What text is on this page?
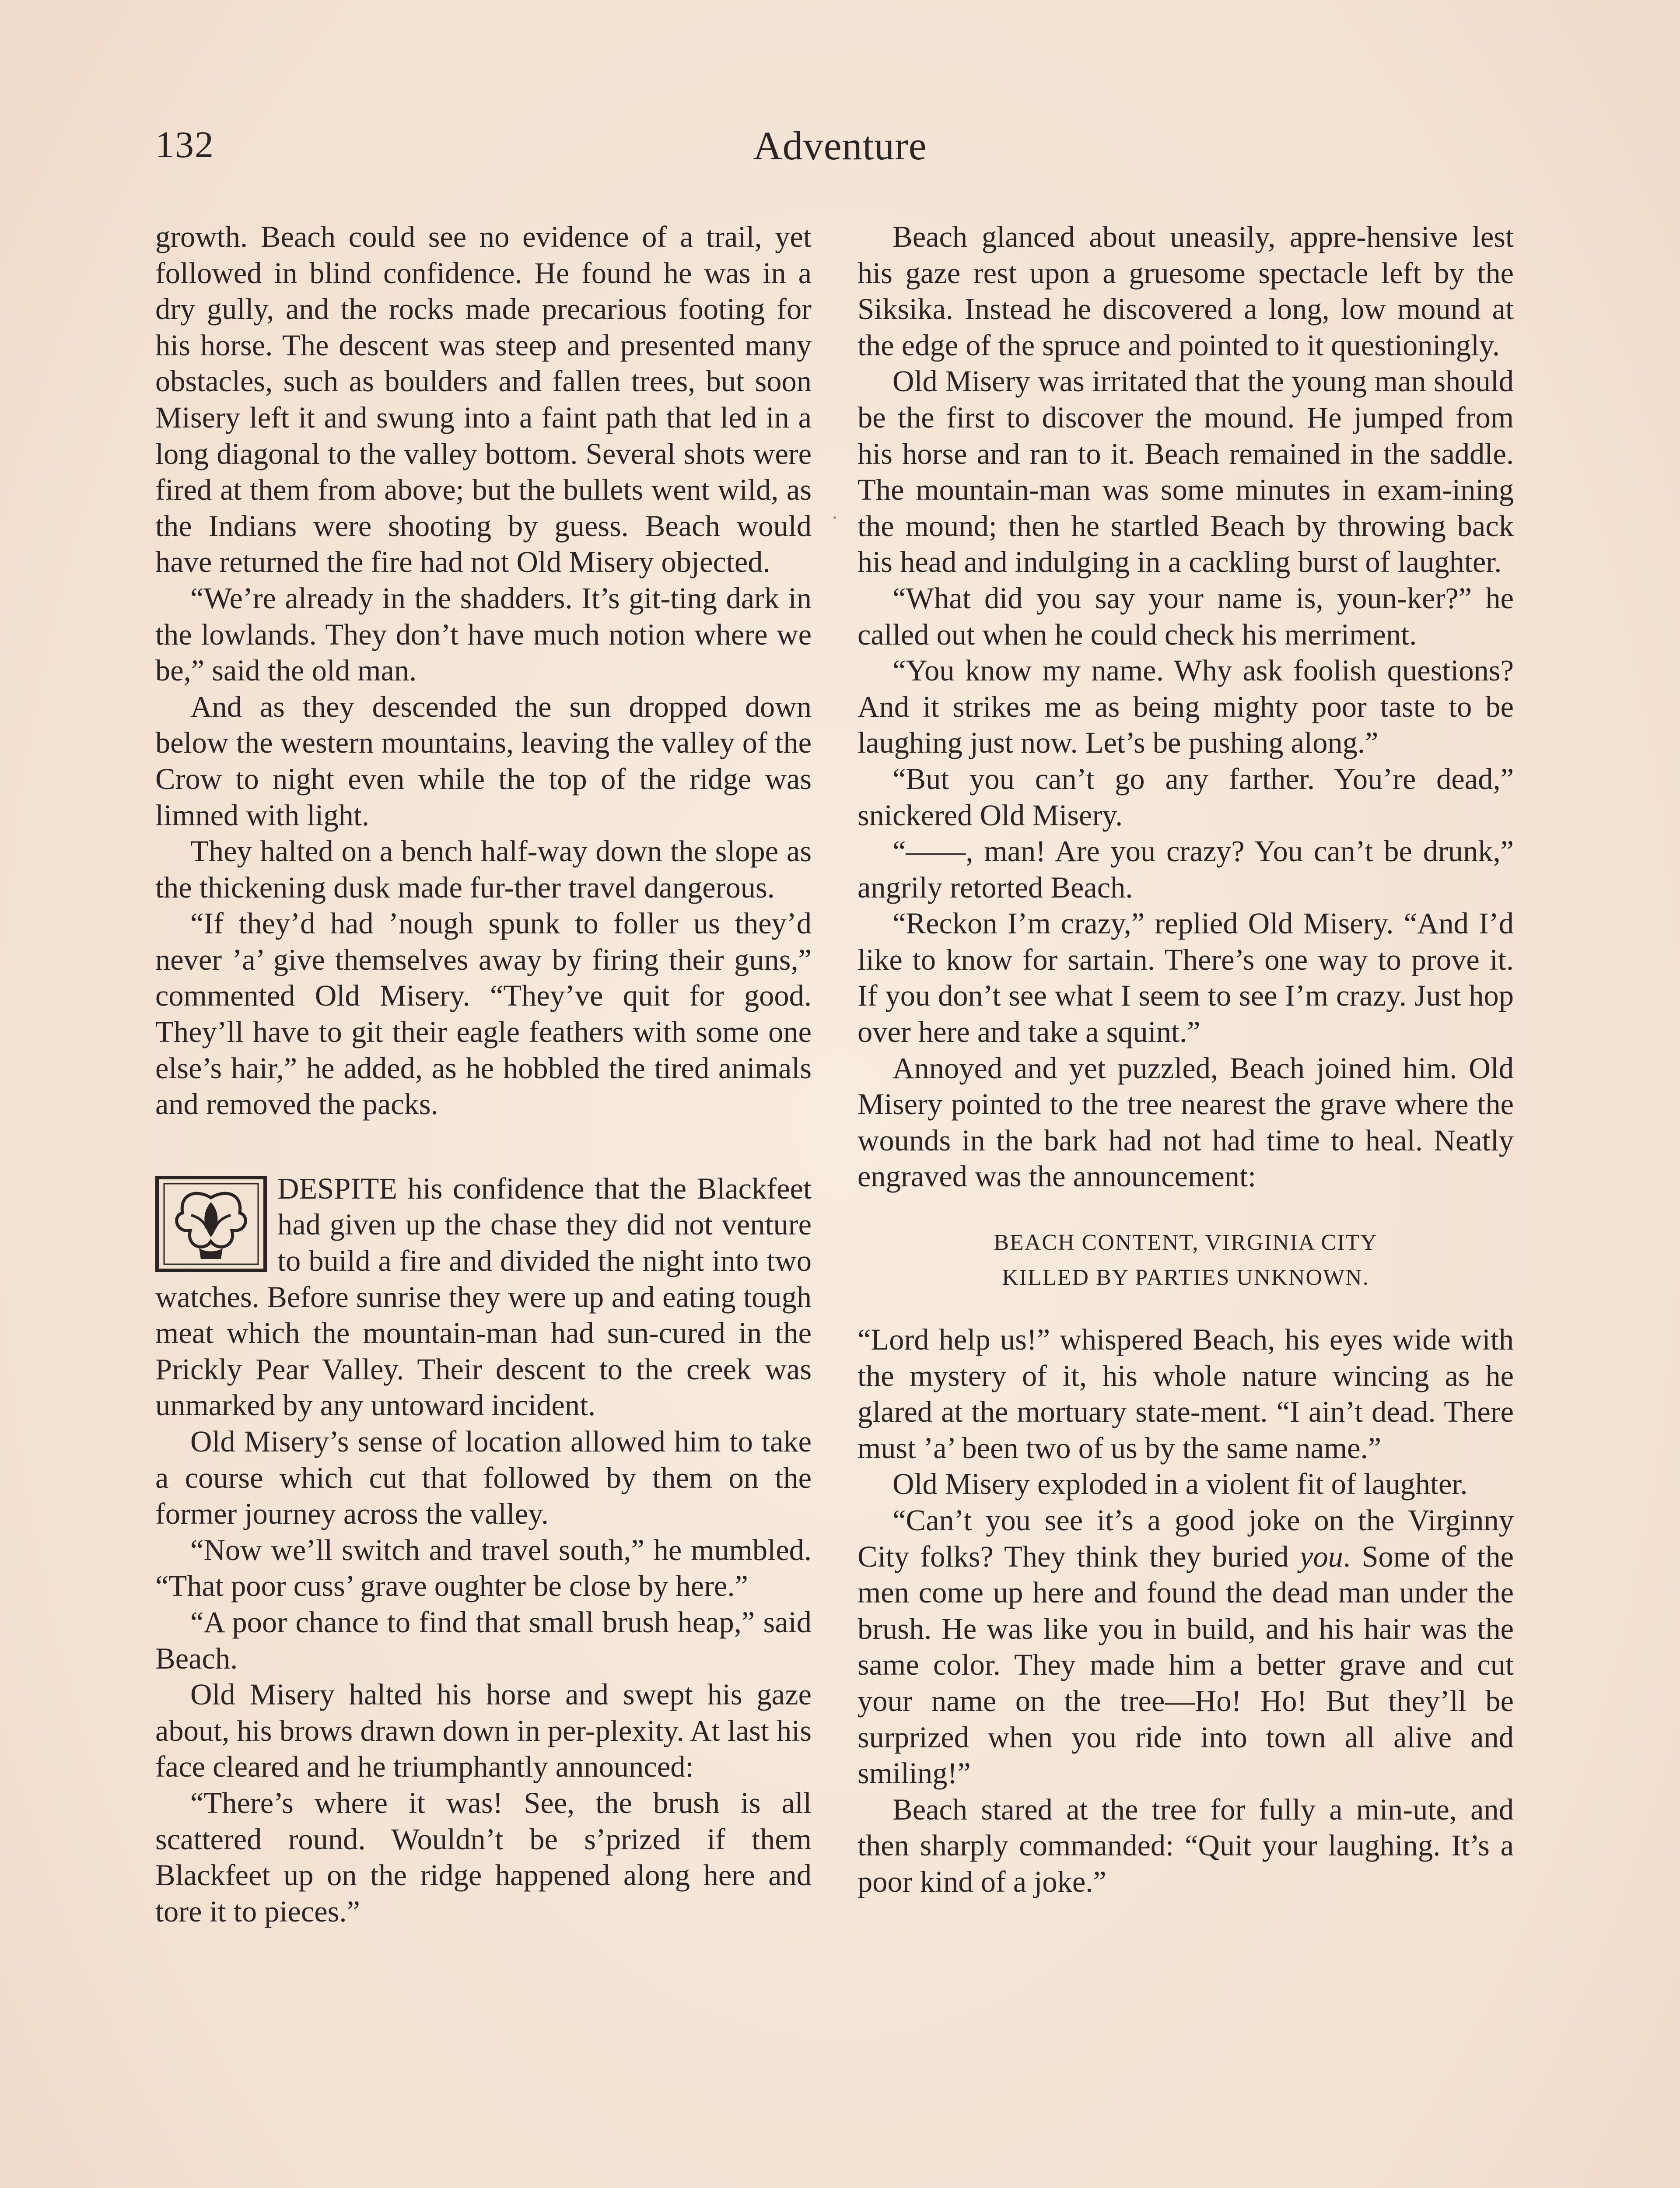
132	Adventure

growth. Beach could see no evidence of a trail, yet followed in blind confidence. He found he was in a dry gully, and the rocks made precarious footing for his horse. The descent was steep and presented many obstacles, such as boulders and fallen trees, but soon Misery left it and swung into a faint path that led in a long diagonal to the valley bottom. Several shots were fired at them from above; but the bullets went wild, as the Indians were shooting by guess. Beach would have returned the fire had not Old Misery objected.

“We’re already in the shadders. It’s git-ting dark in the lowlands. They don’t have much notion where we be,” said the old man.

And as they descended the sun dropped down below the western mountains, leaving the valley of the Crow to night even while the top of the ridge was limned with light.

They halted on a bench half-way down the slope as the thickening dusk made fur-ther travel dangerous.

“If they’d had ’nough spunk to foller us they’d never ’a’ give themselves away by firing their guns,” commented Old Misery. “They’ve quit for good. They’ll have to git their eagle feathers with some one else’s hair,” he added, as he hobbled the tired animals and removed the packs.

DESPITE his confidence that the Blackfeet had given up the chase they did not venture to build a fire and divided the night into two watches. Before sunrise they were up and eating tough meat which the mountain-man had sun-cured in the Prickly Pear Valley. Their descent to the creek was unmarked by any untoward incident.

Old Misery’s sense of location allowed him to take a course which cut that followed by them on the former journey across the valley.

“Now we’ll switch and travel south,” he mumbled. “That poor cuss’ grave oughter be close by here.”

“A poor chance to find that small brush heap,” said Beach.

Old Misery halted his horse and swept his gaze about, his brows drawn down in per-plexity. At last his face cleared and he triumphantly announced:

“There’s where it was! See, the brush is all scattered round. Wouldn’t be s’prized if them Blackfeet up on the ridge happened along here and tore it to pieces.”

Beach glanced about uneasily, appre-hensive lest his gaze rest upon a gruesome spectacle left by the Siksika. Instead he discovered a long, low mound at the edge of the spruce and pointed to it questioningly.

Old Misery was irritated that the young man should be the first to discover the mound. He jumped from his horse and ran to it. Beach remained in the saddle. The mountain-man was some minutes in exam-ining the mound; then he startled Beach by throwing back his head and indulging in a cackling burst of laughter.

“What did you say your name is, youn-ker?” he called out when he could check his merriment.

“You know my name. Why ask foolish questions? And it strikes me as being mighty poor taste to be laughing just now. Let’s be pushing along.”

“But you can’t go any farther. You’re dead,” snickered Old Misery.

“——, man! Are you crazy? You can’t be drunk,” angrily retorted Beach.

“Reckon I’m crazy,” replied Old Misery. “And I’d like to know for sartain. There’s one way to prove it. If you don’t see what I seem to see I’m crazy. Just hop over here and take a squint.”

Annoyed and yet puzzled, Beach joined him. Old Misery pointed to the tree nearest the grave where the wounds in the bark had not had time to heal. Neatly engraved was the announcement:

BEACH CONTENT, VIRGINIA CITY
KILLED BY PARTIES UNKNOWN.

“Lord help us!” whispered Beach, his eyes wide with the mystery of it, his whole nature wincing as he glared at the mortuary state-ment. “I ain’t dead. There must ’a’ been two of us by the same name.”

Old Misery exploded in a violent fit of laughter.

“Can’t you see it’s a good joke on the Virginny City folks? They think they buried you. Some of the men come up here and found the dead man under the brush. He was like you in build, and his hair was the same color. They made him a better grave and cut your name on the tree—Ho! Ho! But they’ll be surprized when you ride into town all alive and smiling!”

Beach stared at the tree for fully a min-ute, and then sharply commanded: “Quit your laughing. It’s a poor kind of a joke.”
